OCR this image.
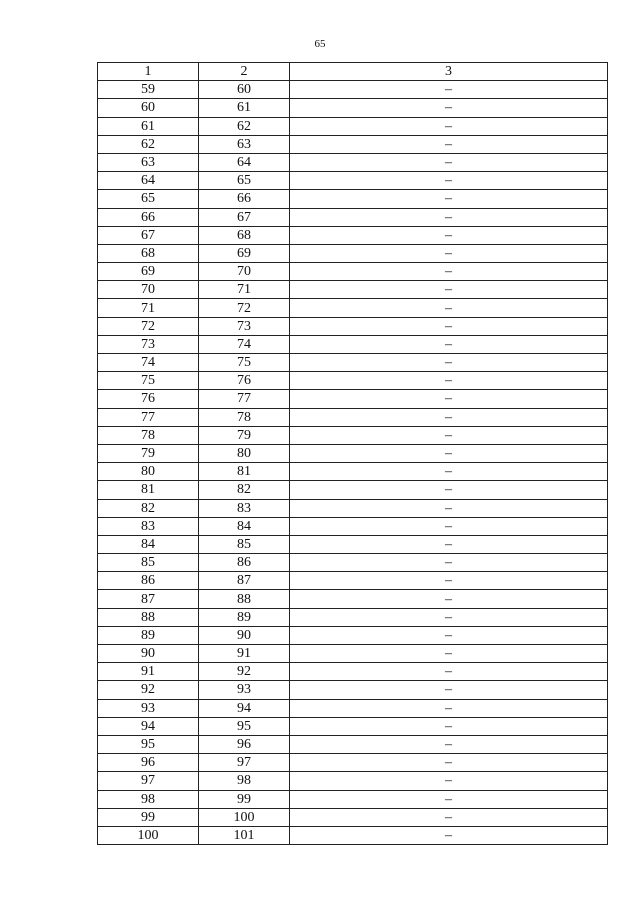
65
1	2	3
59	60	–
60	61	–
61	62	–
62	63	–
63	64	–
64	65	–
65	66	–
66	67	–
67	68	–
68	69	–
69	70	–
70	71	–
71	72	–
72	73	–
73	74	–
74	75	–
75	76	–
76	77	–
77	78	–
78	79	–
79	80	–
80	81	–
81	82	–
82	83	–
83	84	–
84	85	–
85	86	–
86	87	–
87	88	–
88	89	–
89	90	–
90	91	–
91	92	–
92	93	–
93	94	–
94	95	–
95	96	–
96	97	–
97	98	–
98	99	–
99	100	–
100	101	–
